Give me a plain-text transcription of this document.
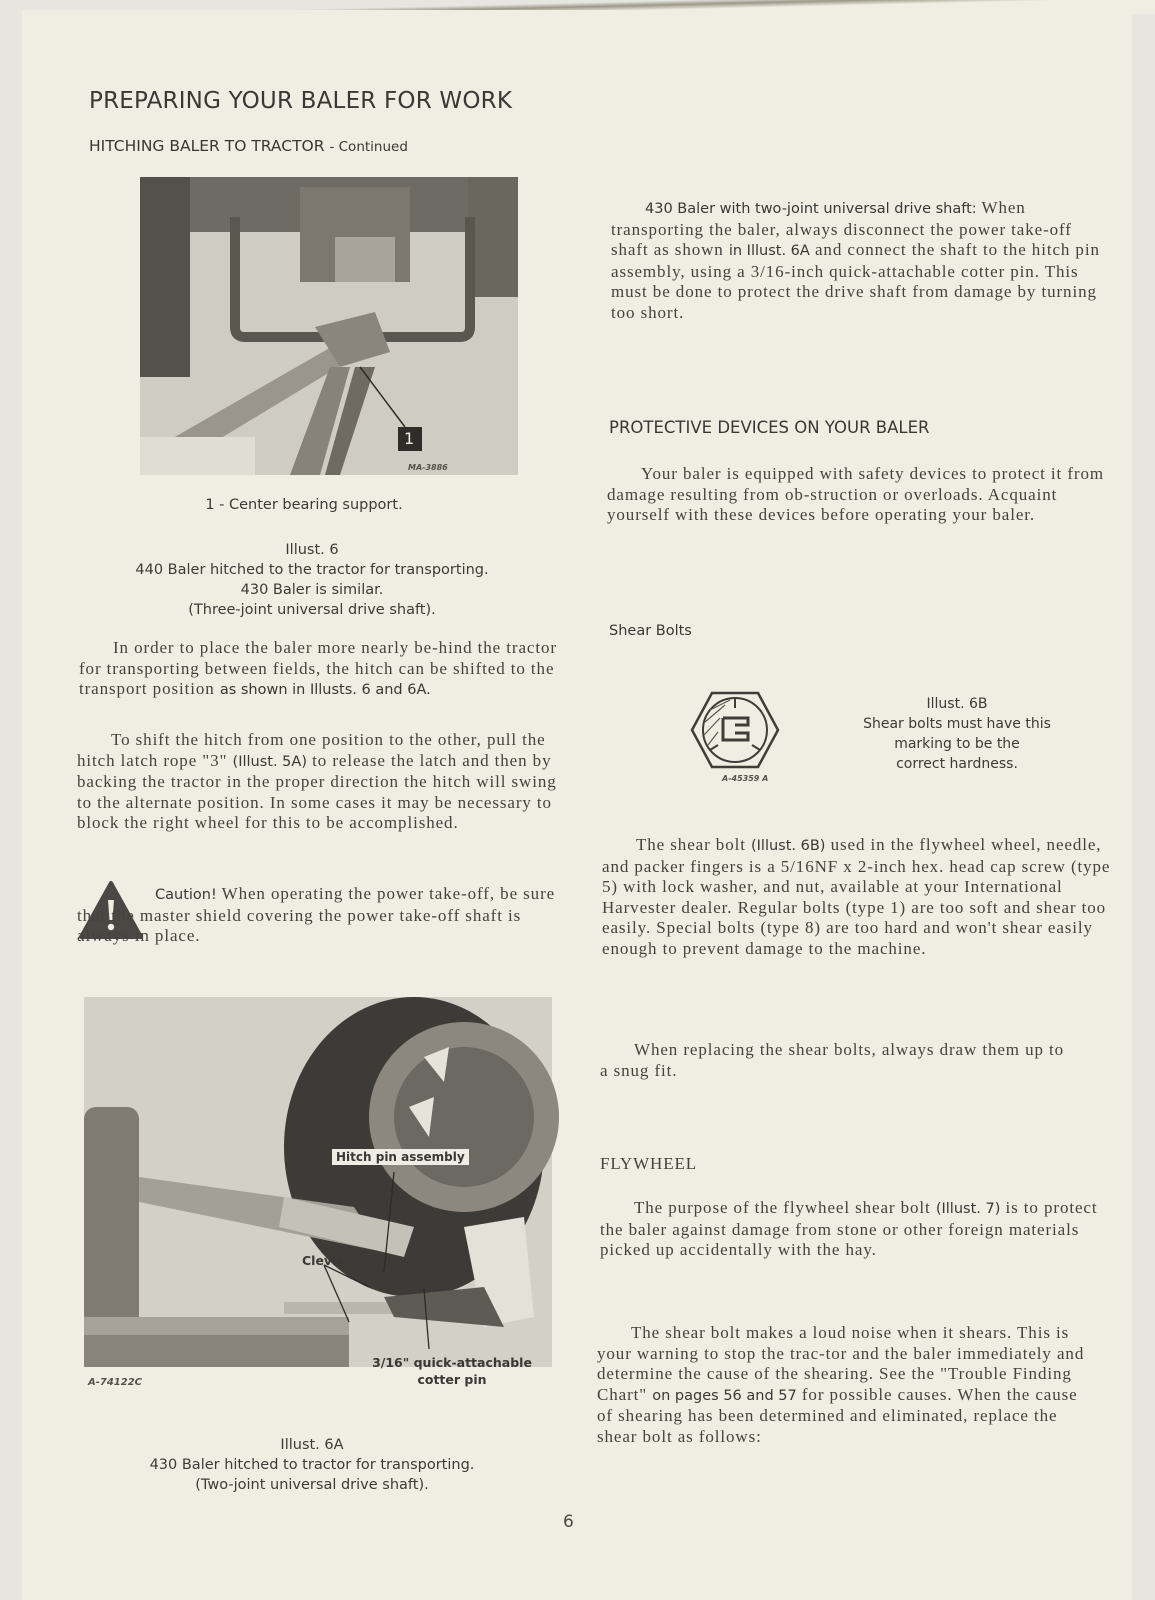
PREPARING YOUR BALER FOR WORK
HITCHING BALER TO TRACTOR - Continued
1
MA-3886
1 - Center bearing support.
Illust. 6
440 Baler hitched to the tractor for transporting.
430 Baler is similar.
(Three-joint universal drive shaft).
In order to place the baler more nearly be-hind the tractor for transporting between fields, the hitch can be shifted to the transport position as shown in Illusts. 6 and 6A.
To shift the hitch from one position to the other, pull the hitch latch rope "3" (Illust. 5A) to release the latch and then by backing the tractor in the proper direction the hitch will swing to the alternate position. In some cases it may be necessary to block the right wheel for this to be accomplished.
Caution! When operating the power take-off, be sure that the master shield covering the power take-off shaft is always in place.
Hitch pin assembly
Clevis
3/16" quick-attachable
cotter pin
A-74122C
Illust. 6A
430 Baler hitched to tractor for transporting.
(Two-joint universal drive shaft).
6
430 Baler with two-joint universal drive shaft: When transporting the baler, always disconnect the power take-off shaft as shown in Illust. 6A and connect the shaft to the hitch pin assembly, using a 3/16-inch quick-attachable cotter pin. This must be done to protect the drive shaft from damage by turning too short.
PROTECTIVE DEVICES ON YOUR BALER
Your baler is equipped with safety devices to protect it from damage resulting from ob-struction or overloads. Acquaint yourself with these devices before operating your baler.
Shear Bolts
A-45359 A
Illust. 6B
Shear bolts must have this
marking to be the
correct hardness.
The shear bolt (Illust. 6B) used in the flywheel wheel, needle, and packer fingers is a 5/16NF x 2-inch hex. head cap screw (type 5) with lock washer, and nut, available at your International Harvester dealer. Regular bolts (type 1) are too soft and shear too easily. Special bolts (type 8) are too hard and won't shear easily enough to prevent damage to the machine.
When replacing the shear bolts, always draw them up to a snug fit.
FLYWHEEL
The purpose of the flywheel shear bolt (Illust. 7) is to protect the baler against damage from stone or other foreign materials picked up accidentally with the hay.
The shear bolt makes a loud noise when it shears. This is your warning to stop the trac-tor and the baler immediately and determine the cause of the shearing. See the "Trouble Finding Chart" on pages 56 and 57 for possible causes. When the cause of shearing has been determined and eliminated, replace the shear bolt as follows:
